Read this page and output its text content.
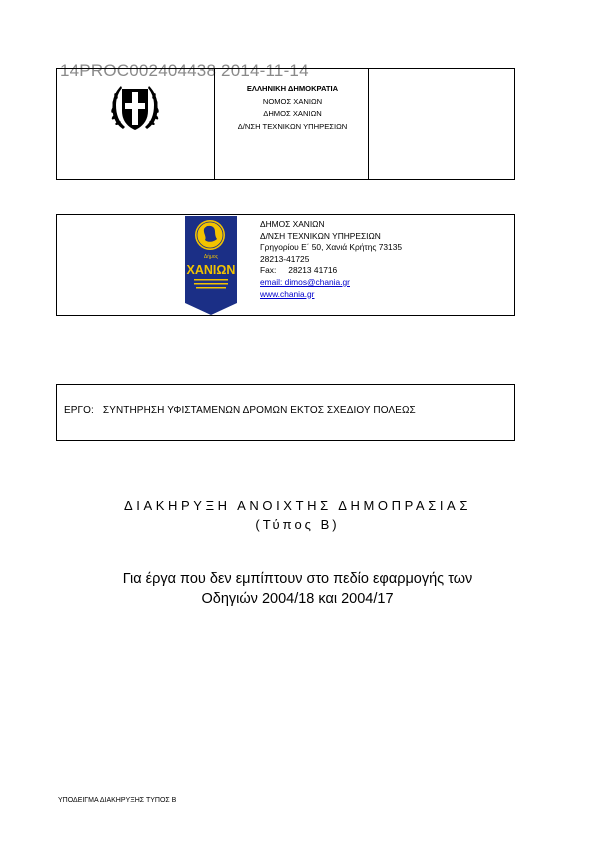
14PROC002404438 2014-11-14
ΕΛΛΗΝΙΚΗ ΔΗΜΟΚΡΑΤΙΑ
ΝΟΜΟΣ ΧΑΝΙΩΝ
ΔΗΜΟΣ ΧΑΝΙΩΝ
Δ/ΝΣΗ ΤΕΧΝΙΚΩΝ ΥΠΗΡΕΣΙΩΝ
Δήμος
ΧΑΝΙΩΝ
ΔΗΜΟΣ ΧΑΝΙΩΝ
Δ/ΝΣΗ ΤΕΧΝΙΚΩΝ ΥΠΗΡΕΣΙΩΝ
Γρηγορίου Ε΄ 50, Χανιά Κρήτης 73135
28213-41725
Fax: 28213 41716
email: dimos@chania.gr
www.chania.gr
ΕΡΓΟ: ΣΥΝΤΗΡΗΣΗ ΥΦΙΣΤΑΜΕΝΩΝ ΔΡΟΜΩΝ ΕΚΤΟΣ ΣΧΕΔΙΟΥ ΠΟΛΕΩΣ
ΔΙΑΚΗΡΥΞΗ ΑΝΟΙΧΤΗΣ ΔΗΜΟΠΡΑΣΙΑΣ
(Τύπος Β)
Για έργα που δεν εμπίπτουν στο πεδίο εφαρμογής των
Οδηγιών 2004/18 και 2004/17
ΥΠΟΔΕΙΓΜΑ ΔΙΑΚΗΡΥΞΗΣ ΤΥΠΟΣ Β
